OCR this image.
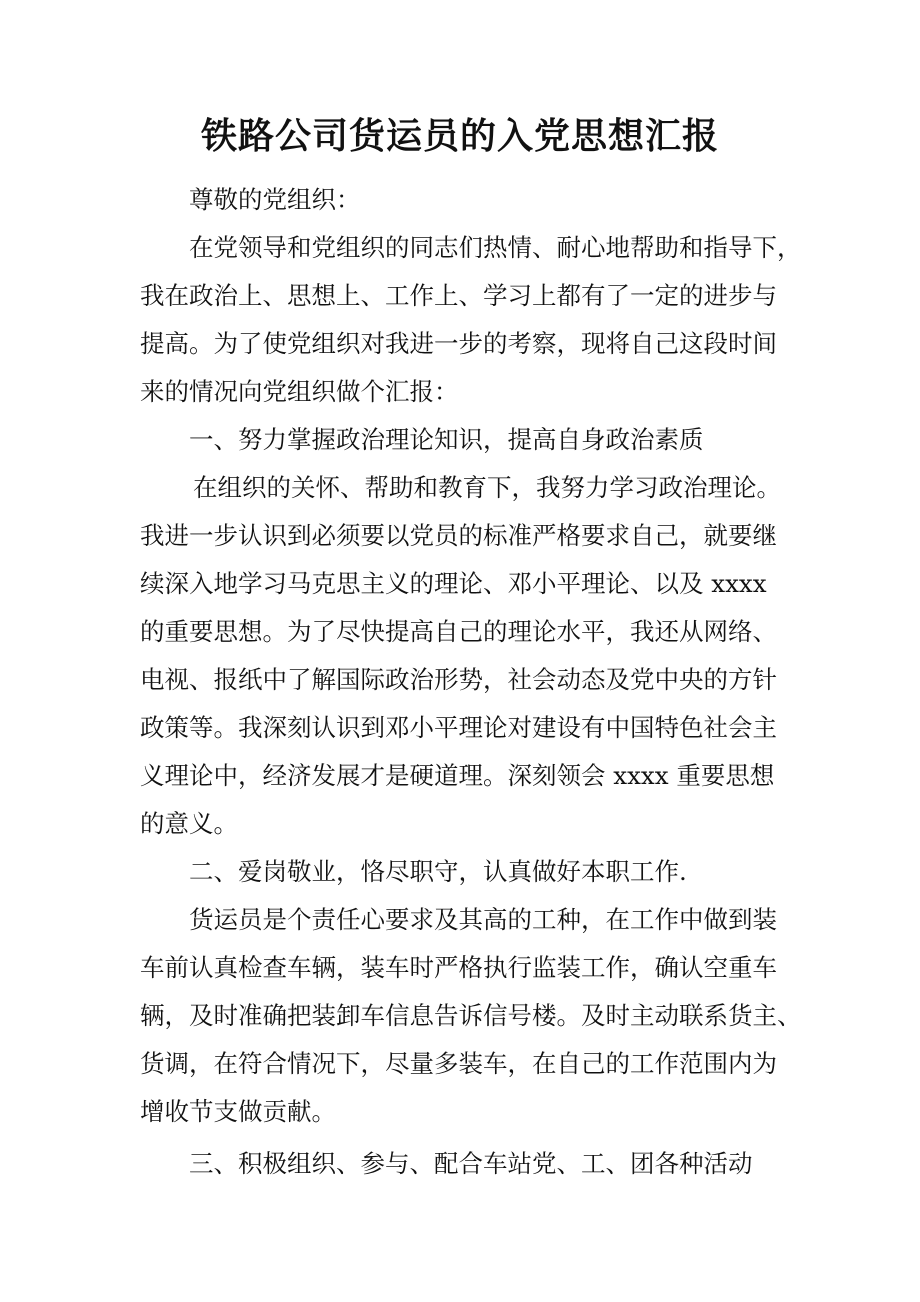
铁路公司货运员的入党思想汇报

尊敬的党组织：

在党领导和党组织的同志们热情、耐心地帮助和指导下，

我在政治上、思想上、工作上、学习上都有了一定的进步与

提高。为了使党组织对我进一步的考察，现将自己这段时间

来的情况向党组织做个汇报：

一、努力掌握政治理论知识，提高自身政治素质

在组织的关怀、帮助和教育下，我努力学习政治理论。

我进一步认识到必须要以党员的标准严格要求自己，就要继

续深入地学习马克思主义的理论、邓小平理论、以及 xxxx

的重要思想。为了尽快提高自己的理论水平，我还从网络、

电视、报纸中了解国际政治形势，社会动态及党中央的方针

政策等。我深刻认识到邓小平理论对建设有中国特色社会主

义理论中，经济发展才是硬道理。深刻领会 xxxx 重要思想

的意义。

二、爱岗敬业，恪尽职守，认真做好本职工作.

货运员是个责任心要求及其高的工种，在工作中做到装

车前认真检查车辆，装车时严格执行监装工作，确认空重车

辆，及时准确把装卸车信息告诉信号楼。及时主动联系货主、

货调，在符合情况下，尽量多装车，在自己的工作范围内为

增收节支做贡献。

三、积极组织、参与、配合车站党、工、团各种活动
